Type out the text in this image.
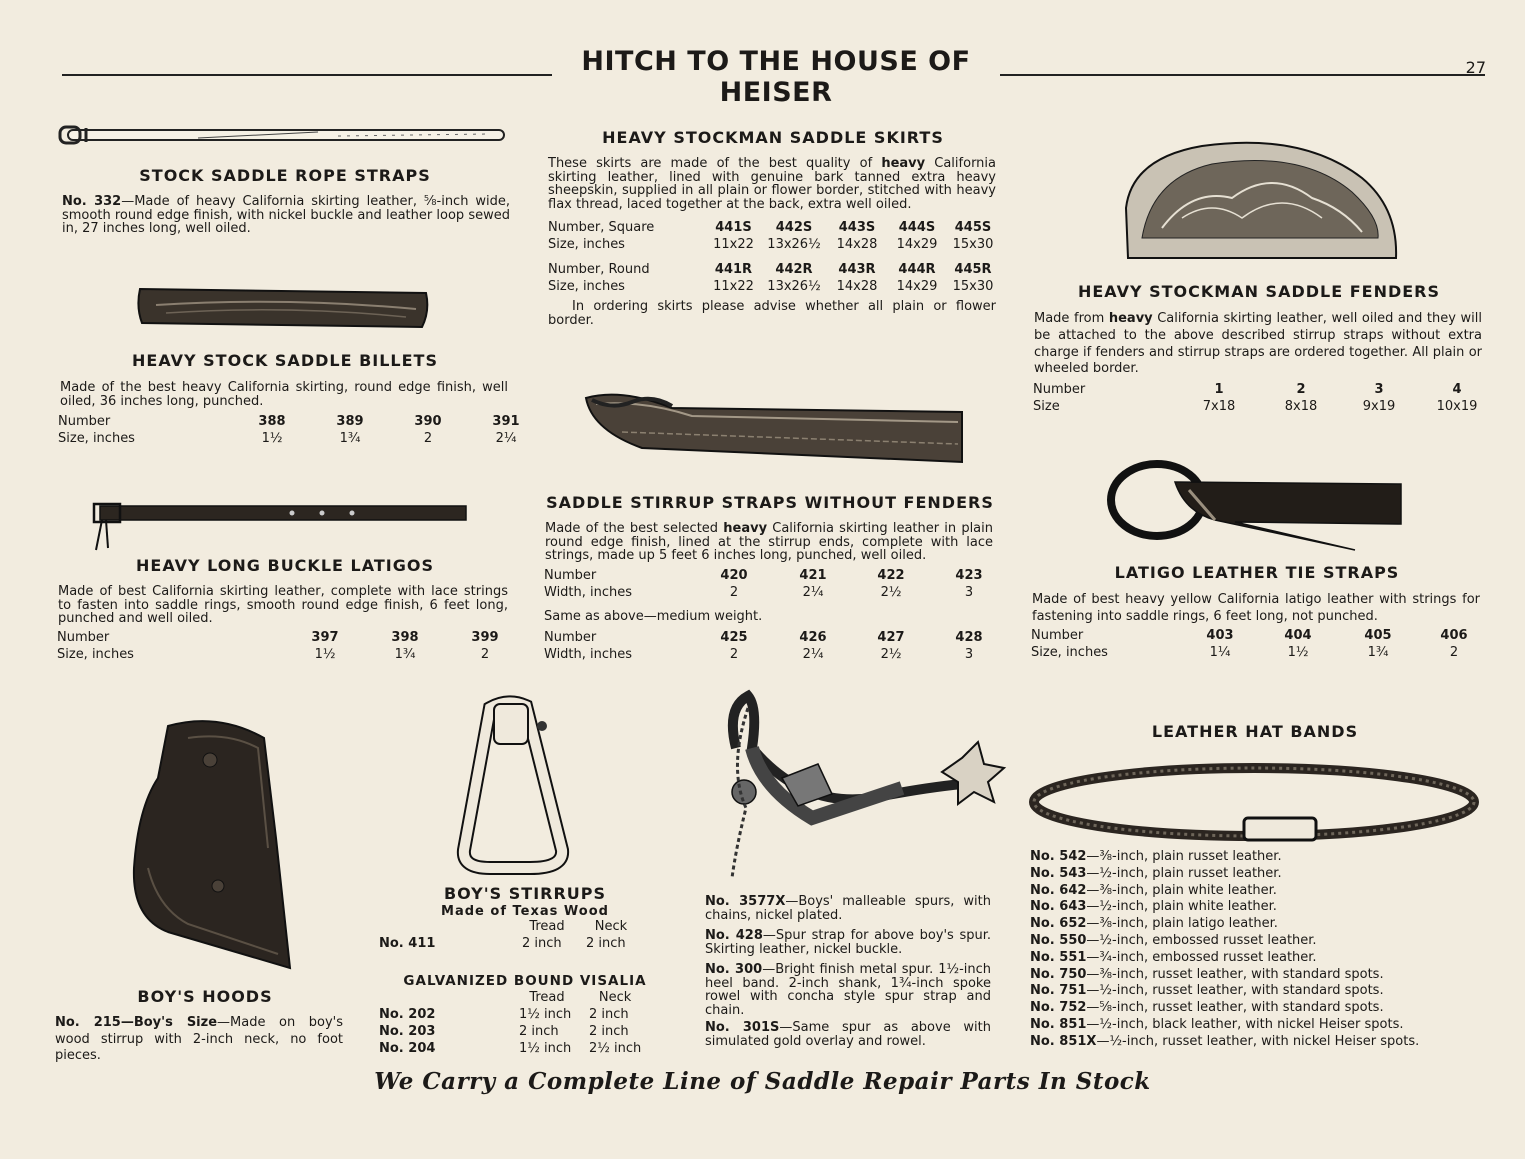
HITCH TO THE HOUSE OF HEISER
27
STOCK SADDLE ROPE STRAPS
No. 332—Made of heavy California skirting leather, ⅝-inch wide, smooth round edge finish, with nickel buckle and leather loop sewed in, 27 inches long, well oiled.
HEAVY STOCK SADDLE BILLETS
Made of the best heavy California skirting, round edge finish, well oiled, 36 inches long, punched.
Number	388	389	390	391
Size, inches	1½	1¾	2	2¼
HEAVY LONG BUCKLE LATIGOS
Made of best California skirting leather, complete with lace strings to fasten into saddle rings, smooth round edge finish, 6 feet long, punched and well oiled.
Number	397	398	399
Size, inches	1½	1¾	2
HEAVY STOCKMAN SADDLE SKIRTS
These skirts are made of the best quality of heavy California skirting leather, lined with genuine bark tanned extra heavy sheepskin, supplied in all plain or flower border, stitched with heavy flax thread, laced together at the back, extra well oiled.
Number, Square	441S	442S	443S	444S	445S
Size, inches	11x22	13x26½	14x28	14x29	15x30
Number, Round	441R	442R	443R	444R	445R
Size, inches	11x22	13x26½	14x28	14x29	15x30
In ordering skirts please advise whether all plain or flower border.
SADDLE STIRRUP STRAPS WITHOUT FENDERS
Made of the best selected heavy California skirting leather in plain round edge finish, lined at the stirrup ends, complete with lace strings, made up 5 feet 6 inches long, punched, well oiled.
Number	420	421	422	423
Width, inches	2	2¼	2½	3
Same as above—medium weight.
Number	425	426	427	428
Width, inches	2	2¼	2½	3
HEAVY STOCKMAN SADDLE FENDERS
Made from heavy California skirting leather, well oiled and they will be attached to the above described stirrup straps without extra charge if fenders and stirrup straps are ordered together. All plain or wheeled border.
Number	1	2	3	4
Size	7x18	8x18	9x19	10x19
LATIGO LEATHER TIE STRAPS
Made of best heavy yellow California latigo leather with strings for fastening into saddle rings, 6 feet long, not punched.
Number	403	404	405	406
Size, inches	1¼	1½	1¾	2
BOY'S HOODS
No. 215—Boy's Size—Made on boy's wood stirrup with 2-inch neck, no foot pieces.
BOY'S STIRRUPS
Made of Texas Wood
	Tread		Neck
No. 411	2 inch		2 inch
GALVANIZED BOUND VISALIA
	Tread		Neck
No. 202	1½ inch		2 inch
No. 203	2 inch		2 inch
No. 204	1½ inch		2½ inch
No. 3577X—Boys' malleable spurs, with chains, nickel plated.
No. 428—Spur strap for above boy's spur. Skirting leather, nickel buckle.
No. 300—Bright finish metal spur. 1½-inch heel band. 2-inch shank, 1¾-inch spoke rowel with concha style spur strap and chain.
No. 301S—Same spur as above with simulated gold overlay and rowel.
LEATHER HAT BANDS
No. 542—⅜-inch, plain russet leather.
No. 543—½-inch, plain russet leather.
No. 642—⅜-inch, plain white leather.
No. 643—½-inch, plain white leather.
No. 652—⅜-inch, plain latigo leather.
No. 550—½-inch, embossed russet leather.
No. 551—¾-inch, embossed russet leather.
No. 750—⅜-inch, russet leather, with standard spots.
No. 751—½-inch, russet leather, with standard spots.
No. 752—⅝-inch, russet leather, with standard spots.
No. 851—½-inch, black leather, with nickel Heiser spots.
No. 851X—½-inch, russet leather, with nickel Heiser spots.
We Carry a Complete Line of Saddle Repair Parts In Stock
